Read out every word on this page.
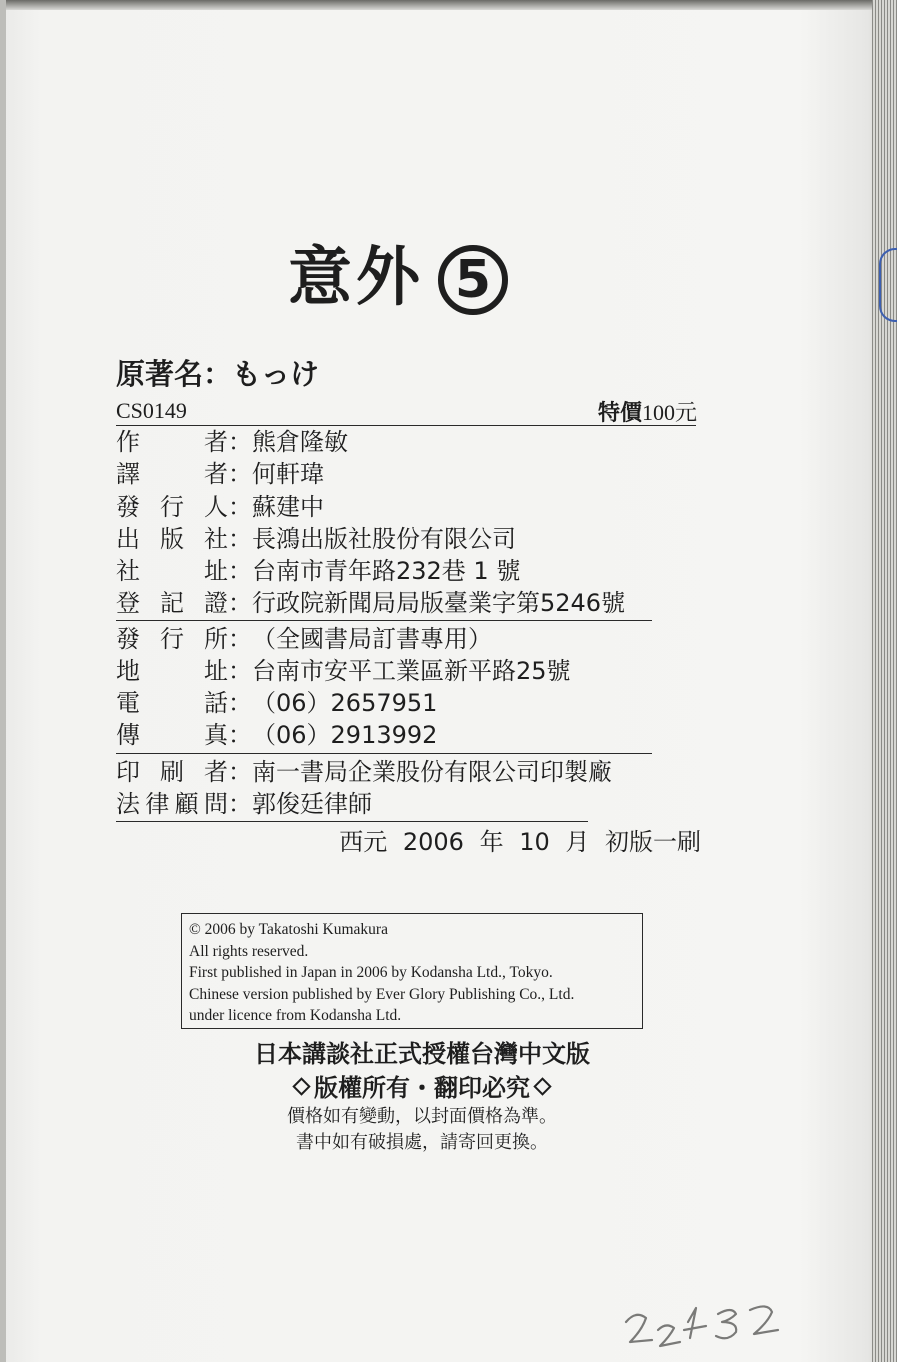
意外 5
原著名：もっけ
CS0149	特價100元
作者：熊倉隆敏
譯者：何軒瑋
發行人：蘇建中
出版社：長鴻出版社股份有限公司
社址：台南市青年路232巷 1 號
登記證：行政院新聞局局版臺業字第5246號
發行所：（全國書局訂書專用）
地址：台南市安平工業區新平路25號
電話：（06）2657951
傳真：（06）2913992
印刷者：南一書局企業股份有限公司印製廠
法律顧問：郭俊廷律師
西元 2006 年 10 月 初版一刷
© 2006 by Takatoshi Kumakura
All rights reserved.
First published in Japan in 2006 by Kodansha Ltd., Tokyo.
Chinese version published by Ever Glory Publishing Co., Ltd.
under licence from Kodansha Ltd.
日本講談社正式授權台灣中文版
版權所有・翻印必究
價格如有變動，以封面價格為準。
書中如有破損處，請寄回更換。
